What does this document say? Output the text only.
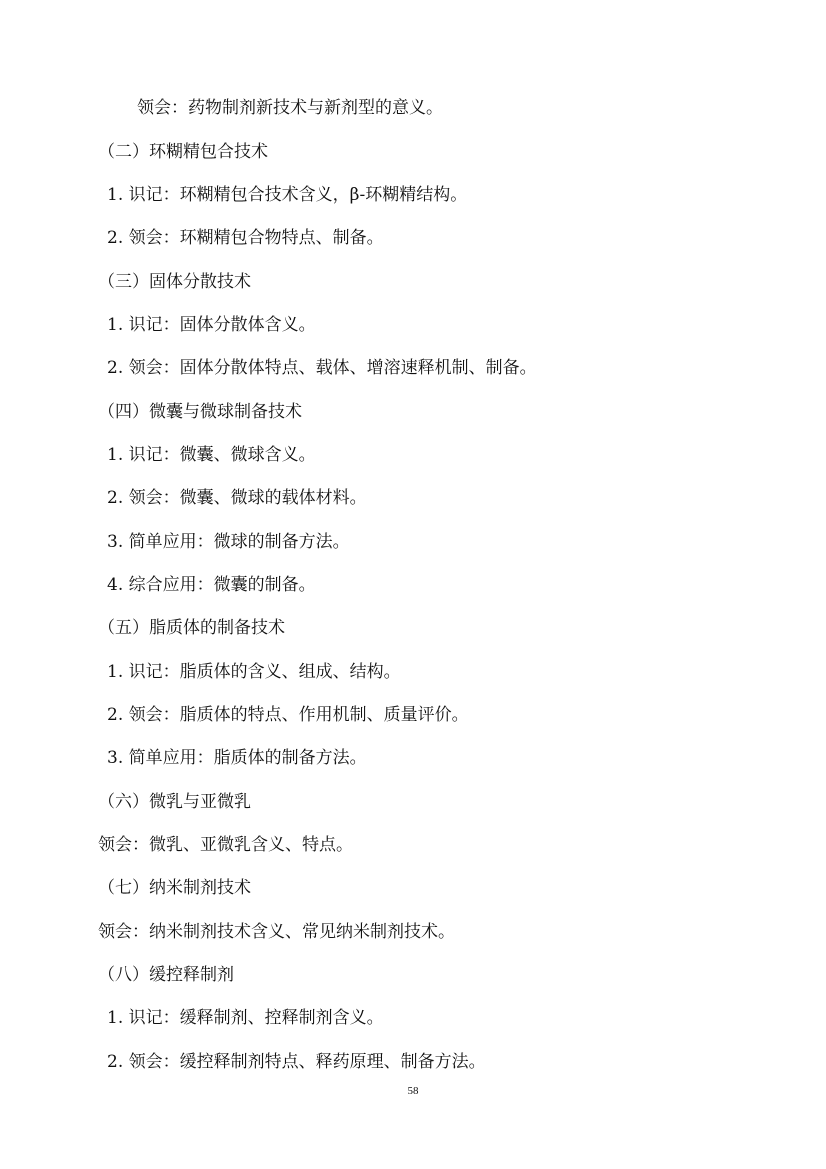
领会：药物制剂新技术与新剂型的意义。
（二）环糊精包合技术
1. 识记：环糊精包合技术含义，β-环糊精结构。
2. 领会：环糊精包合物特点、制备。
（三）固体分散技术
1. 识记：固体分散体含义。
2. 领会：固体分散体特点、载体、增溶速释机制、制备。
（四）微囊与微球制备技术
1. 识记：微囊、微球含义。
2. 领会：微囊、微球的载体材料。
3. 简单应用：微球的制备方法。
4. 综合应用：微囊的制备。
（五）脂质体的制备技术
1. 识记：脂质体的含义、组成、结构。
2. 领会：脂质体的特点、作用机制、质量评价。
3. 简单应用：脂质体的制备方法。
（六）微乳与亚微乳
领会：微乳、亚微乳含义、特点。
（七）纳米制剂技术
领会：纳米制剂技术含义、常见纳米制剂技术。
（八）缓控释制剂
1. 识记：缓释制剂、控释制剂含义。
2. 领会：缓控释制剂特点、释药原理、制备方法。
58
